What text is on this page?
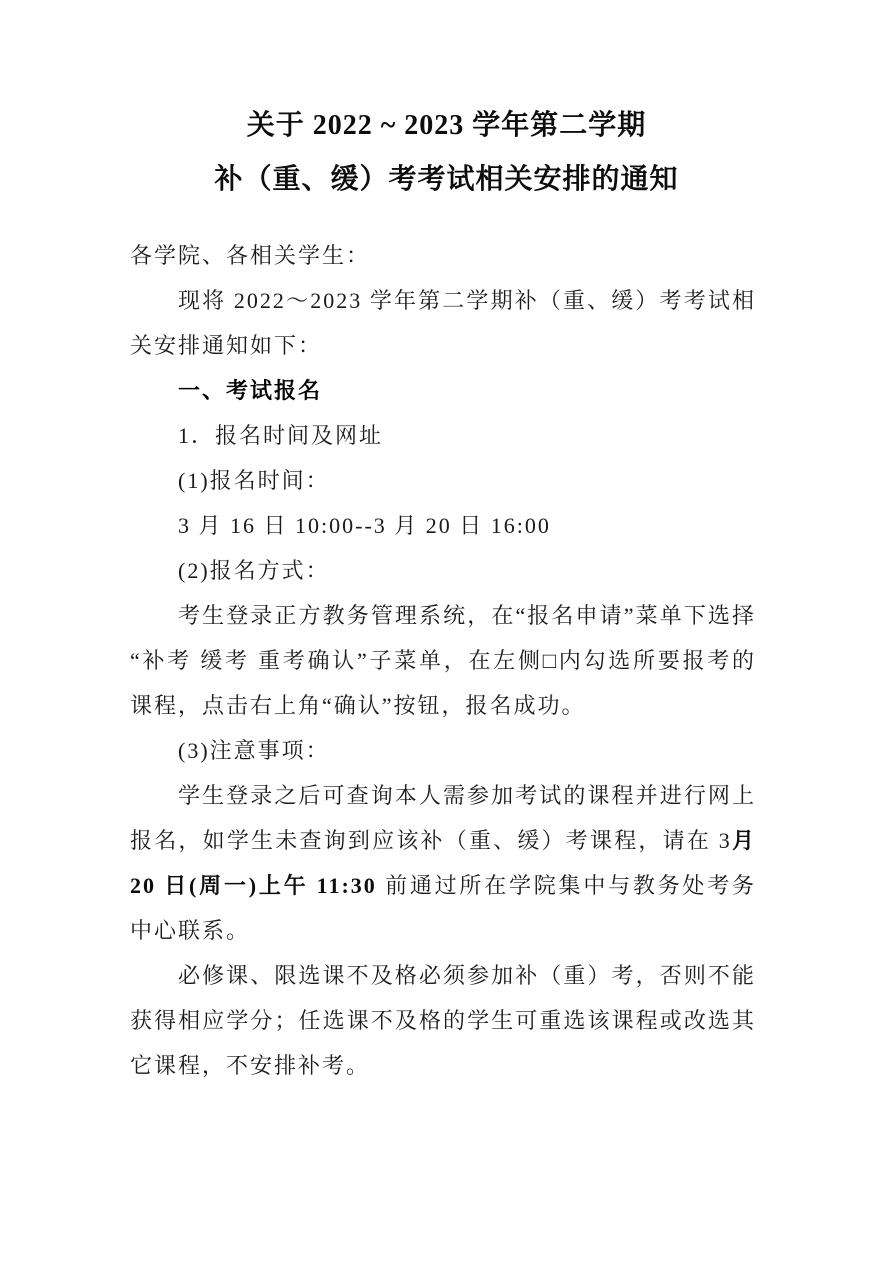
关于 2022 ~ 2023 学年第二学期
补（重、缓）考考试相关安排的通知

各学院、各相关学生：

现将 2022～2023 学年第二学期补（重、缓）考考试相关安排通知如下：

一、考试报名

1．报名时间及网址

(1)报名时间：

3 月 16 日 10:00--3 月 20 日 16:00

(2)报名方式：

考生登录正方教务管理系统，在“报名申请”菜单下选择“补考 缓考 重考确认”子菜单，在左侧□内勾选所要报考的课程，点击右上角“确认”按钮，报名成功。

(3)注意事项：

学生登录之后可查询本人需参加考试的课程并进行网上报名，如学生未查询到应该补（重、缓）考课程，请在 3月 20 日(周一)上午 11:30 前通过所在学院集中与教务处考务中心联系。

必修课、限选课不及格必须参加补（重）考，否则不能获得相应学分；任选课不及格的学生可重选该课程或改选其它课程，不安排补考。
